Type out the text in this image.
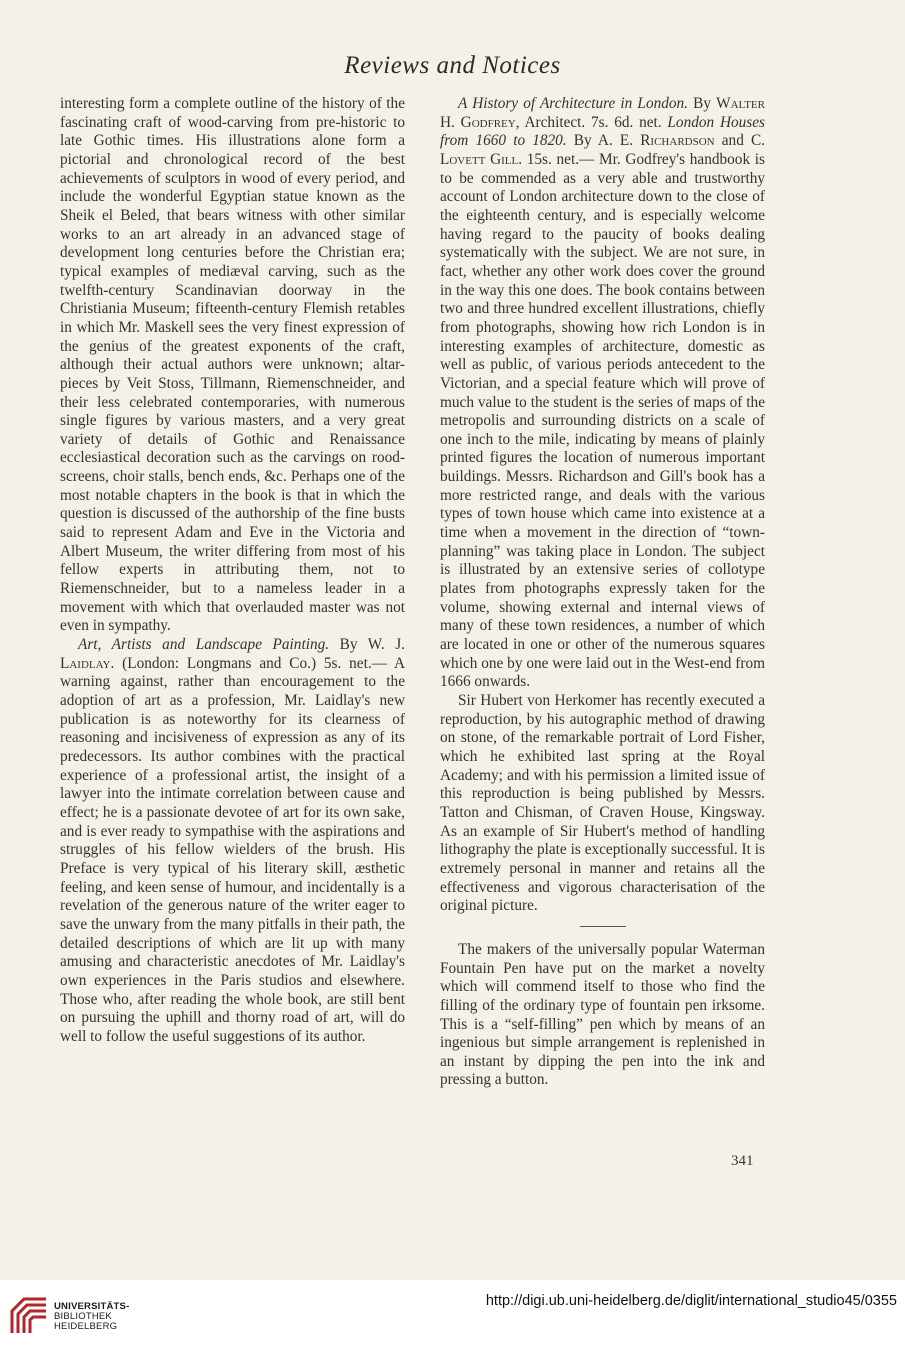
Reviews and Notices

interesting form a complete outline of the history of the fascinating craft of wood-carving from pre-historic to late Gothic times. His illustrations alone form a pictorial and chronological record of the best achievements of sculptors in wood of every period, and include the wonderful Egyptian statue known as the Sheik el Beled, that bears witness with other similar works to an art already in an advanced stage of development long centuries before the Christian era; typical examples of mediæval carving, such as the twelfth-century Scandinavian doorway in the Christiania Museum; fifteenth-century Flemish retables in which Mr. Maskell sees the very finest expression of the genius of the greatest exponents of the craft, although their actual authors were unknown; altar-pieces by Veit Stoss, Tillmann, Riemenschneider, and their less celebrated contemporaries, with numerous single figures by various masters, and a very great variety of details of Gothic and Renaissance ecclesiastical decoration such as the carvings on rood-screens, choir stalls, bench ends, &c. Perhaps one of the most notable chapters in the book is that in which the question is discussed of the authorship of the fine busts said to represent Adam and Eve in the Victoria and Albert Museum, the writer differing from most of his fellow experts in attributing them, not to Riemenschneider, but to a nameless leader in a movement with which that overlauded master was not even in sympathy.

Art, Artists and Landscape Painting. By W. J. Laidlay. (London: Longmans and Co.) 5s. net.— A warning against, rather than encouragement to the adoption of art as a profession, Mr. Laidlay's new publication is as noteworthy for its clearness of reasoning and incisiveness of expression as any of its predecessors. Its author combines with the practical experience of a professional artist, the insight of a lawyer into the intimate correlation between cause and effect; he is a passionate devotee of art for its own sake, and is ever ready to sympathise with the aspirations and struggles of his fellow wielders of the brush. His Preface is very typical of his literary skill, æsthetic feeling, and keen sense of humour, and incidentally is a revelation of the generous nature of the writer eager to save the unwary from the many pitfalls in their path, the detailed descriptions of which are lit up with many amusing and characteristic anecdotes of Mr. Laidlay's own experiences in the Paris studios and elsewhere. Those who, after reading the whole book, are still bent on pursuing the uphill and thorny road of art, will do well to follow the useful suggestions of its author.

A History of Architecture in London. By Walter H. Godfrey, Architect. 7s. 6d. net. London Houses from 1660 to 1820. By A. E. Richardson and C. Lovett Gill. 15s. net.— Mr. Godfrey's handbook is to be commended as a very able and trustworthy account of London architecture down to the close of the eighteenth century, and is especially welcome having regard to the paucity of books dealing systematically with the subject. We are not sure, in fact, whether any other work does cover the ground in the way this one does. The book contains between two and three hundred excellent illustrations, chiefly from photographs, showing how rich London is in interesting examples of architecture, domestic as well as public, of various periods antecedent to the Victorian, and a special feature which will prove of much value to the student is the series of maps of the metropolis and surrounding districts on a scale of one inch to the mile, indicating by means of plainly printed figures the location of numerous important buildings. Messrs. Richardson and Gill's book has a more restricted range, and deals with the various types of town house which came into existence at a time when a movement in the direction of “town-planning” was taking place in London. The subject is illustrated by an extensive series of collotype plates from photographs expressly taken for the volume, showing external and internal views of many of these town residences, a number of which are located in one or other of the numerous squares which one by one were laid out in the West-end from 1666 onwards.

Sir Hubert von Herkomer has recently executed a reproduction, by his autographic method of drawing on stone, of the remarkable portrait of Lord Fisher, which he exhibited last spring at the Royal Academy; and with his permission a limited issue of this reproduction is being published by Messrs. Tatton and Chisman, of Craven House, Kingsway. As an example of Sir Hubert's method of handling lithography the plate is exceptionally successful. It is extremely personal in manner and retains all the effectiveness and vigorous characterisation of the original picture.

The makers of the universally popular Waterman Fountain Pen have put on the market a novelty which will commend itself to those who find the filling of the ordinary type of fountain pen irksome. This is a “self-filling” pen which by means of an ingenious but simple arrangement is replenished in an instant by dipping the pen into the ink and pressing a button.

341
UNIVERSITÄTS-
BIBLIOTHEK
HEIDELBERG
http://digi.ub.uni-heidelberg.de/diglit/international_studio45/0355
